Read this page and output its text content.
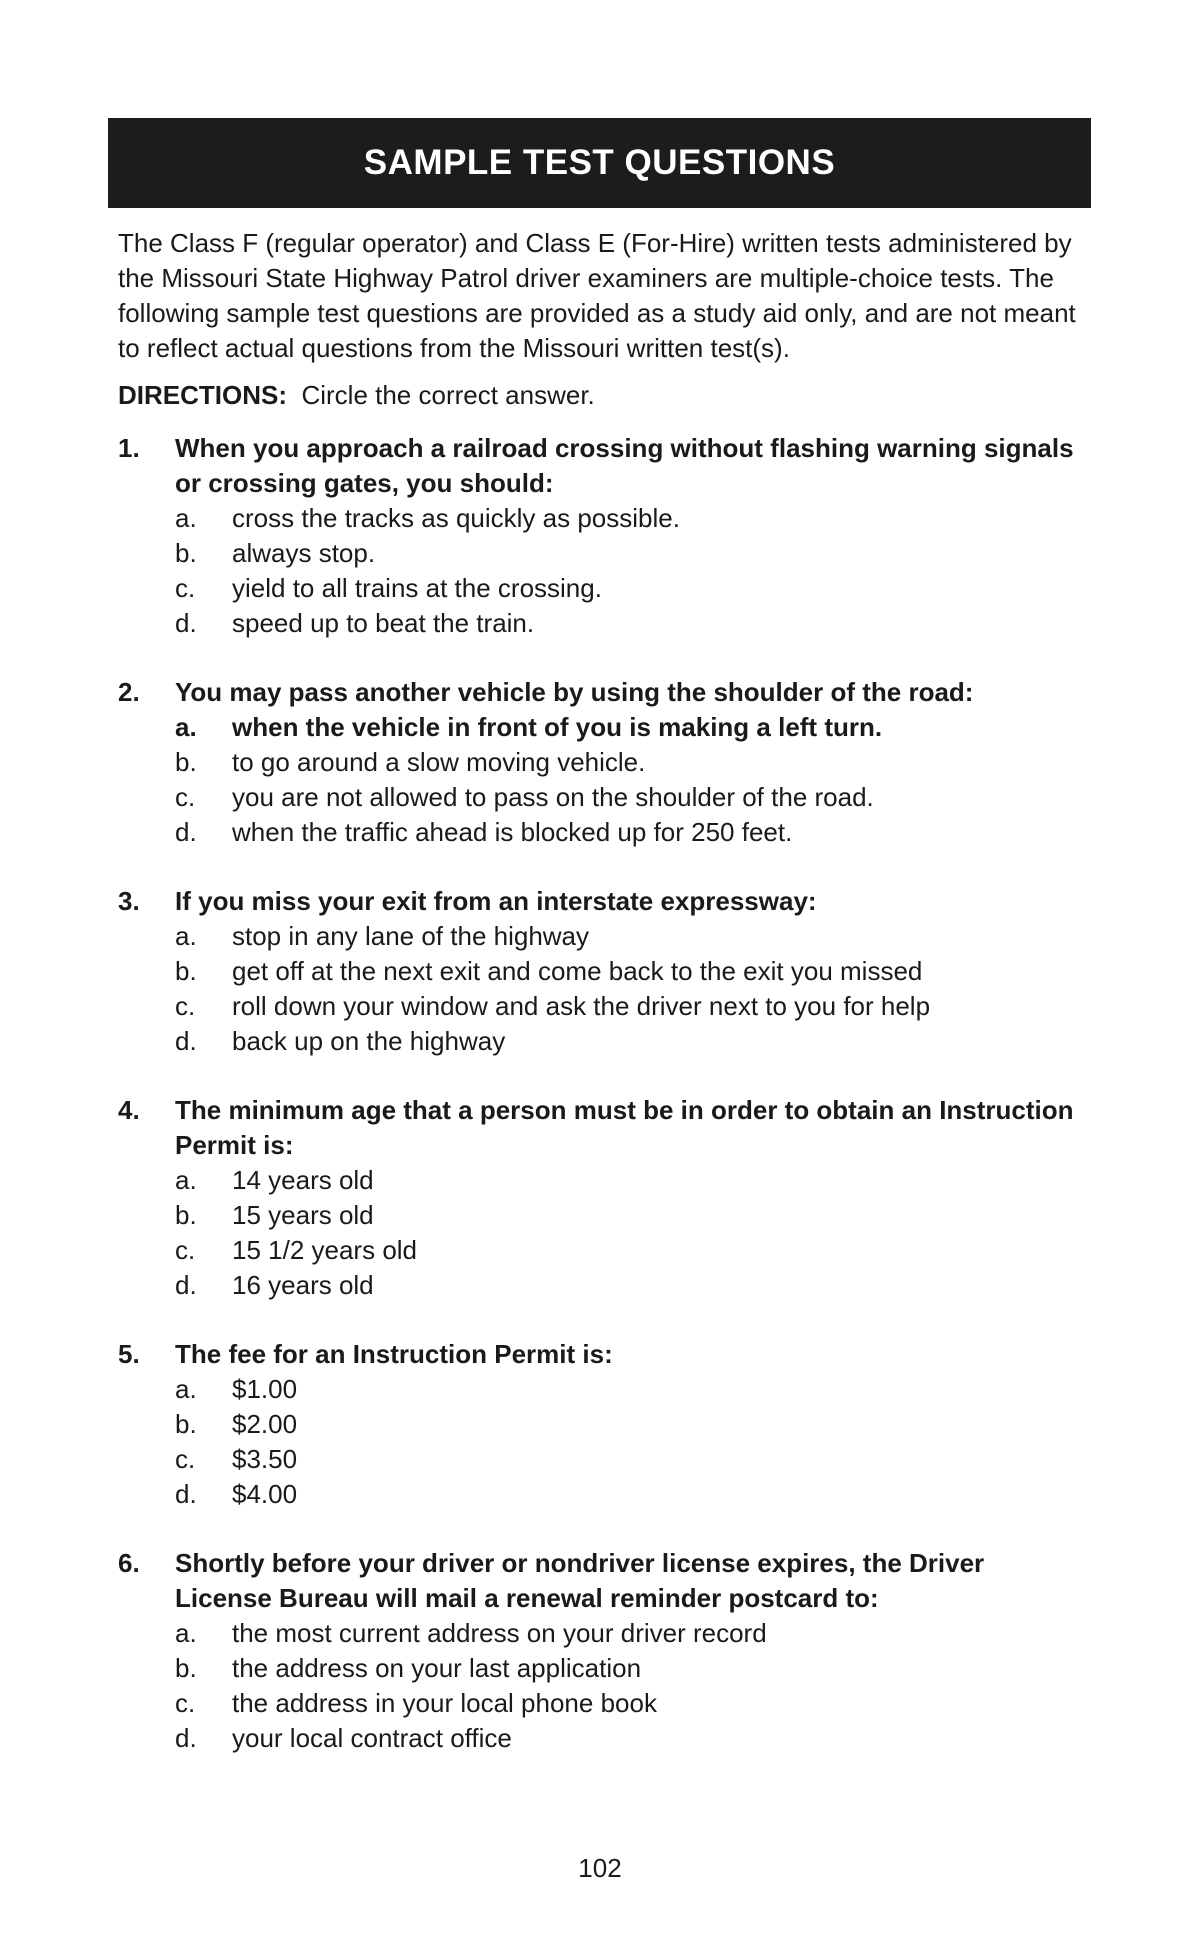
SAMPLE TEST QUESTIONS

The Class F (regular operator) and Class E (For-Hire) written tests administered by the Missouri State Highway Patrol driver examiners are multiple-choice tests. The following sample test questions are provided as a study aid only, and are not meant to reflect actual questions from the Missouri written test(s).

DIRECTIONS: Circle the correct answer.
1.	When you approach a railroad crossing without flashing warning signals or crossing gates, you should:
a.	cross the tracks as quickly as possible.
b.	always stop.
c.	yield to all trains at the crossing.
d.	speed up to beat the train.
2.	You may pass another vehicle by using the shoulder of the road:
a.	when the vehicle in front of you is making a left turn.
b.	to go around a slow moving vehicle.
c.	you are not allowed to pass on the shoulder of the road.
d.	when the traffic ahead is blocked up for 250 feet.
3.	If you miss your exit from an interstate expressway:
a.	stop in any lane of the highway
b.	get off at the next exit and come back to the exit you missed
c.	roll down your window and ask the driver next to you for help
d.	back up on the highway
4.	The minimum age that a person must be in order to obtain an Instruction Permit is:
a.	14 years old
b.	15 years old
c.	15 1/2 years old
d.	16 years old
5.	The fee for an Instruction Permit is:
a.	$1.00
b.	$2.00
c.	$3.50
d.	$4.00
6.	Shortly before your driver or nondriver license expires, the Driver License Bureau will mail a renewal reminder postcard to:
a.	the most current address on your driver record
b.	the address on your last application
c.	the address in your local phone book
d.	your local contract office
102
